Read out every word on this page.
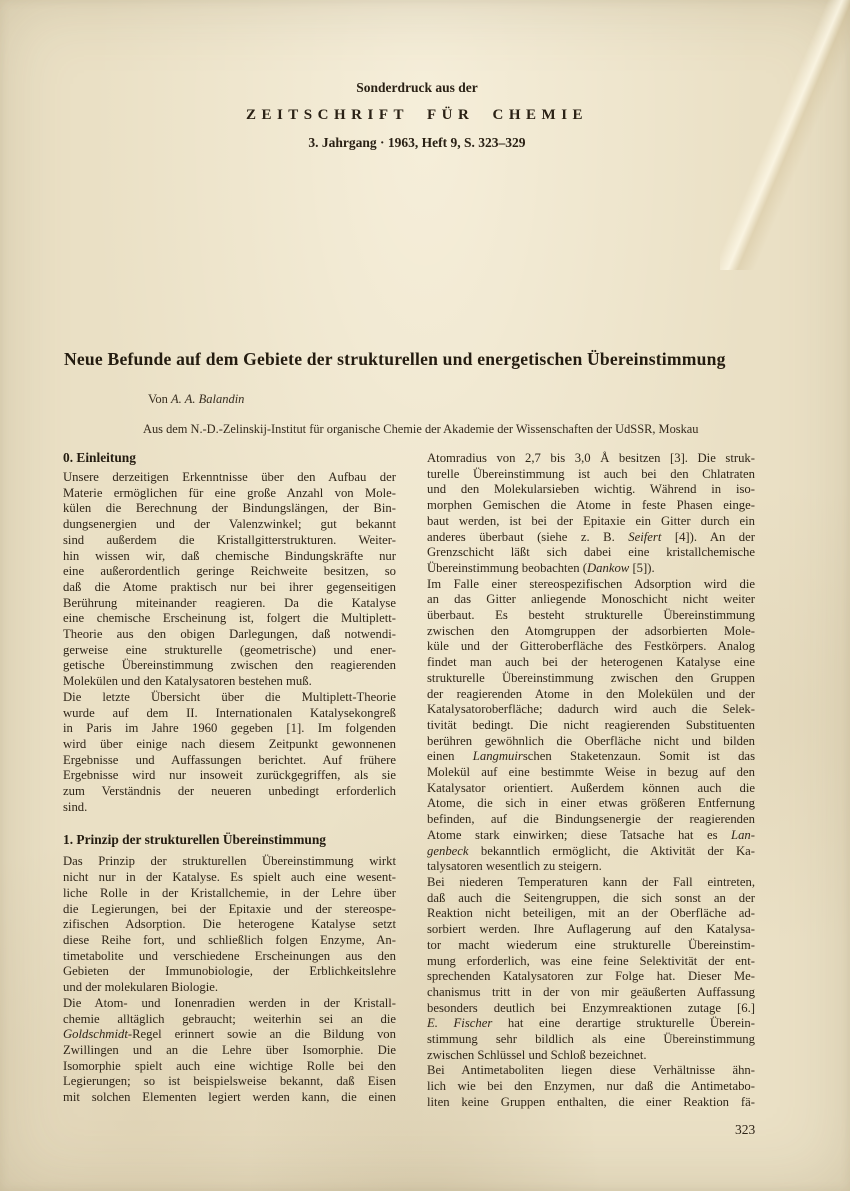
Sonderdruck aus der
ZEITSCHRIFT FÜR CHEMIE
3. Jahrgang · 1963, Heft 9, S. 323–329
Neue Befunde auf dem Gebiete der strukturellen und energetischen Übereinstimmung
Von A. A. Balandin
Aus dem N.-D.-Zelinskij-Institut für organische Chemie der Akademie der Wissenschaften der UdSSR, Moskau
0. Einleitung
Unsere derzeitigen Erkenntnisse über den Aufbau der
Materie ermöglichen für eine große Anzahl von Mole-
külen die Berechnung der Bindungslängen, der Bin-
dungsenergien und der Valenzwinkel; gut bekannt
sind außerdem die Kristallgitterstrukturen. Weiter-
hin wissen wir, daß chemische Bindungskräfte nur
eine außerordentlich geringe Reichweite besitzen, so
daß die Atome praktisch nur bei ihrer gegenseitigen
Berührung miteinander reagieren. Da die Katalyse
eine chemische Erscheinung ist, folgert die Multiplett-
Theorie aus den obigen Darlegungen, daß notwendi-
gerweise eine strukturelle (geometrische) und ener-
getische Übereinstimmung zwischen den reagierenden
Molekülen und den Katalysatoren bestehen muß.
Die letzte Übersicht über die Multiplett-Theorie
wurde auf dem II. Internationalen Katalysekongreß
in Paris im Jahre 1960 gegeben [1]. Im folgenden
wird über einige nach diesem Zeitpunkt gewonnenen
Ergebnisse und Auffassungen berichtet. Auf frühere
Ergebnisse wird nur insoweit zurückgegriffen, als sie
zum Verständnis der neueren unbedingt erforderlich
sind.
1. Prinzip der strukturellen Übereinstimmung
Das Prinzip der strukturellen Übereinstimmung wirkt
nicht nur in der Katalyse. Es spielt auch eine wesent-
liche Rolle in der Kristallchemie, in der Lehre über
die Legierungen, bei der Epitaxie und der stereospe-
zifischen Adsorption. Die heterogene Katalyse setzt
diese Reihe fort, und schließlich folgen Enzyme, An-
timetabolite und verschiedene Erscheinungen aus den
Gebieten der Immunobiologie, der Erblichkeitslehre
und der molekularen Biologie.
Die Atom- und Ionenradien werden in der Kristall-
chemie alltäglich gebraucht; weiterhin sei an die
Goldschmidt-Regel erinnert sowie an die Bildung von
Zwillingen und an die Lehre über Isomorphie. Die
Isomorphie spielt auch eine wichtige Rolle bei den
Legierungen; so ist beispielsweise bekannt, daß Eisen
mit solchen Elementen legiert werden kann, die einen
Atomradius von 2,7 bis 3,0 Å besitzen [3]. Die struk-
turelle Übereinstimmung ist auch bei den Chlatraten
und den Molekularsieben wichtig. Während in iso-
morphen Gemischen die Atome in feste Phasen einge-
baut werden, ist bei der Epitaxie ein Gitter durch ein
anderes überbaut (siehe z. B. Seifert [4]). An der
Grenzschicht läßt sich dabei eine kristallchemische
Übereinstimmung beobachten (Dankow [5]).
Im Falle einer stereospezifischen Adsorption wird die
an das Gitter anliegende Monoschicht nicht weiter
überbaut. Es besteht strukturelle Übereinstimmung
zwischen den Atomgruppen der adsorbierten Mole-
küle und der Gitteroberfläche des Festkörpers. Analog
findet man auch bei der heterogenen Katalyse eine
strukturelle Übereinstimmung zwischen den Gruppen
der reagierenden Atome in den Molekülen und der
Katalysatoroberfläche; dadurch wird auch die Selek-
tivität bedingt. Die nicht reagierenden Substituenten
berühren gewöhnlich die Oberfläche nicht und bilden
einen Langmuirschen Staketenzaun. Somit ist das
Molekül auf eine bestimmte Weise in bezug auf den
Katalysator orientiert. Außerdem können auch die
Atome, die sich in einer etwas größeren Entfernung
befinden, auf die Bindungsenergie der reagierenden
Atome stark einwirken; diese Tatsache hat es Lan-
genbeck bekanntlich ermöglicht, die Aktivität der Ka-
talysatoren wesentlich zu steigern.
Bei niederen Temperaturen kann der Fall eintreten,
daß auch die Seitengruppen, die sich sonst an der
Reaktion nicht beteiligen, mit an der Oberfläche ad-
sorbiert werden. Ihre Auflagerung auf den Katalysa-
tor macht wiederum eine strukturelle Übereinstim-
mung erforderlich, was eine feine Selektivität der ent-
sprechenden Katalysatoren zur Folge hat. Dieser Me-
chanismus tritt in der von mir geäußerten Auffassung
besonders deutlich bei Enzymreaktionen zutage [6.]
E. Fischer hat eine derartige strukturelle Überein-
stimmung sehr bildlich als eine Übereinstimmung
zwischen Schlüssel und Schloß bezeichnet.
Bei Antimetaboliten liegen diese Verhältnisse ähn-
lich wie bei den Enzymen, nur daß die Antimetabo-
liten keine Gruppen enthalten, die einer Reaktion fä-
323
